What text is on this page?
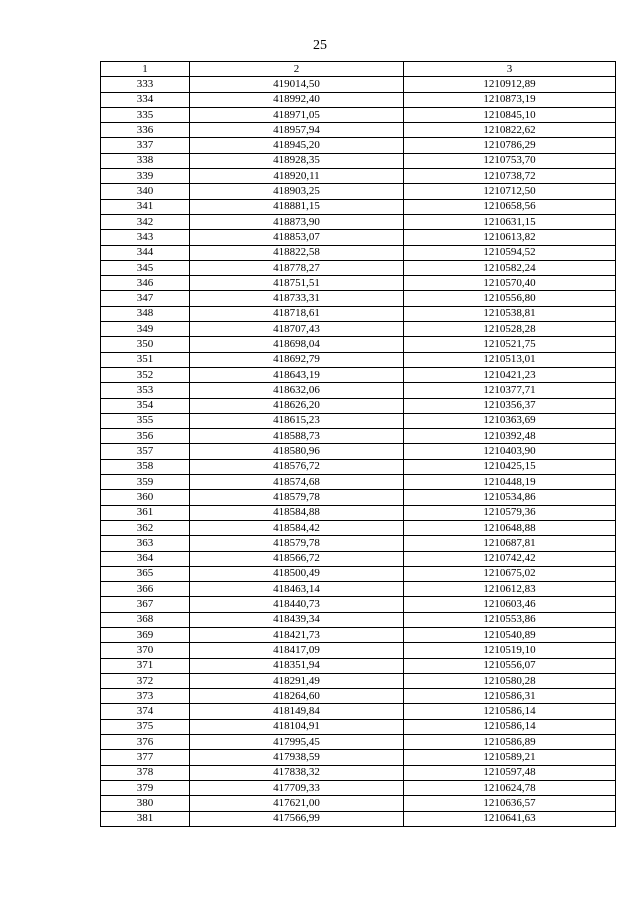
25
1	2	3
333	419014,50	1210912,89
334	418992,40	1210873,19
335	418971,05	1210845,10
336	418957,94	1210822,62
337	418945,20	1210786,29
338	418928,35	1210753,70
339	418920,11	1210738,72
340	418903,25	1210712,50
341	418881,15	1210658,56
342	418873,90	1210631,15
343	418853,07	1210613,82
344	418822,58	1210594,52
345	418778,27	1210582,24
346	418751,51	1210570,40
347	418733,31	1210556,80
348	418718,61	1210538,81
349	418707,43	1210528,28
350	418698,04	1210521,75
351	418692,79	1210513,01
352	418643,19	1210421,23
353	418632,06	1210377,71
354	418626,20	1210356,37
355	418615,23	1210363,69
356	418588,73	1210392,48
357	418580,96	1210403,90
358	418576,72	1210425,15
359	418574,68	1210448,19
360	418579,78	1210534,86
361	418584,88	1210579,36
362	418584,42	1210648,88
363	418579,78	1210687,81
364	418566,72	1210742,42
365	418500,49	1210675,02
366	418463,14	1210612,83
367	418440,73	1210603,46
368	418439,34	1210553,86
369	418421,73	1210540,89
370	418417,09	1210519,10
371	418351,94	1210556,07
372	418291,49	1210580,28
373	418264,60	1210586,31
374	418149,84	1210586,14
375	418104,91	1210586,14
376	417995,45	1210586,89
377	417938,59	1210589,21
378	417838,32	1210597,48
379	417709,33	1210624,78
380	417621,00	1210636,57
381	417566,99	1210641,63
